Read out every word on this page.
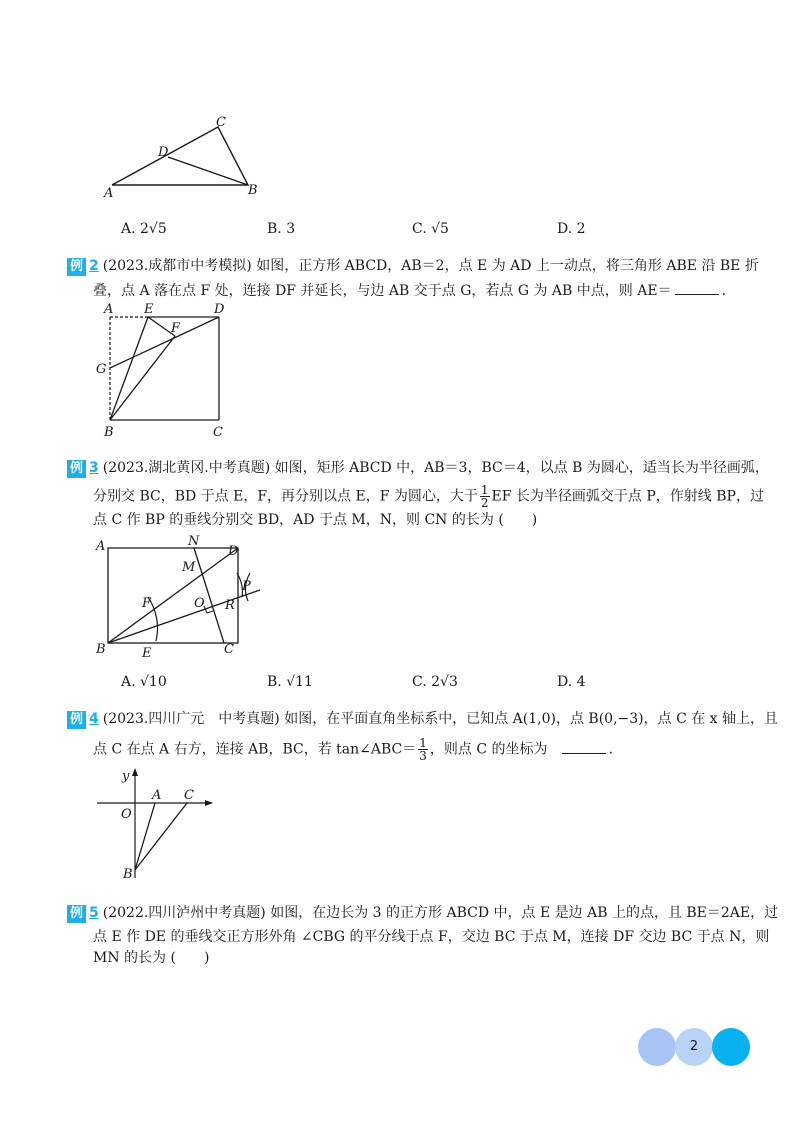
C
D
A	B
A. 2√5	B. 3	C. √5	D. 2
例 2 (2023.成都市中考模拟) 如图，正方形 ABCD，AB＝2，点 E 为 AD 上一动点，将三角形 ABE 沿 BE 折
叠，点 A 落在点 F 处，连接 DF 并延长，与边 AB 交于点 G，若点 G 为 AB 中点，则 AE＝	.
A E
F
D
G
B	C
例 3 (2023.湖北黄冈.中考真题) 如图，矩形 ABCD 中，AB＝3，BC＝4，以点 B 为圆心，适当长为半径画弧，
分别交 BC，BD 于点 E，F，再分别以点 E，F 为圆心，大于 $\frac{1}{2}$ EF 长为半径画弧交于点 P，作射线 BP，过
点 C 作 BP 的垂线分别交 BD，AD 于点 M，N，则 CN 的长为 (　　)
A	N
D
M
P
F	O R
B	E	C
A. √10	B. √11	C. 2√3	D. 4
例 4 (2023.四川广元　中考真题) 如图，在平面直角坐标系中，已知点 A(1,0)，点 B(0,−3)，点 C 在 x 轴上，且
点 C 在点 A 右方，连接 AB，BC，若 tan∠ABC＝ $\frac{1}{3}$ ，则点 C 的坐标为	.
y
O
A C
B
例 5 (2022.四川泸州中考真题) 如图，在边长为 3 的正方形 ABCD 中，点 E 是边 AB 上的点，且 BE＝2AE，过
点 E 作 DE 的垂线交正方形外角 ∠CBG 的平分线于点 F，交边 BC 于点 M，连接 DF 交边 BC 于点 N，则
MN 的长为 (　　)
2
